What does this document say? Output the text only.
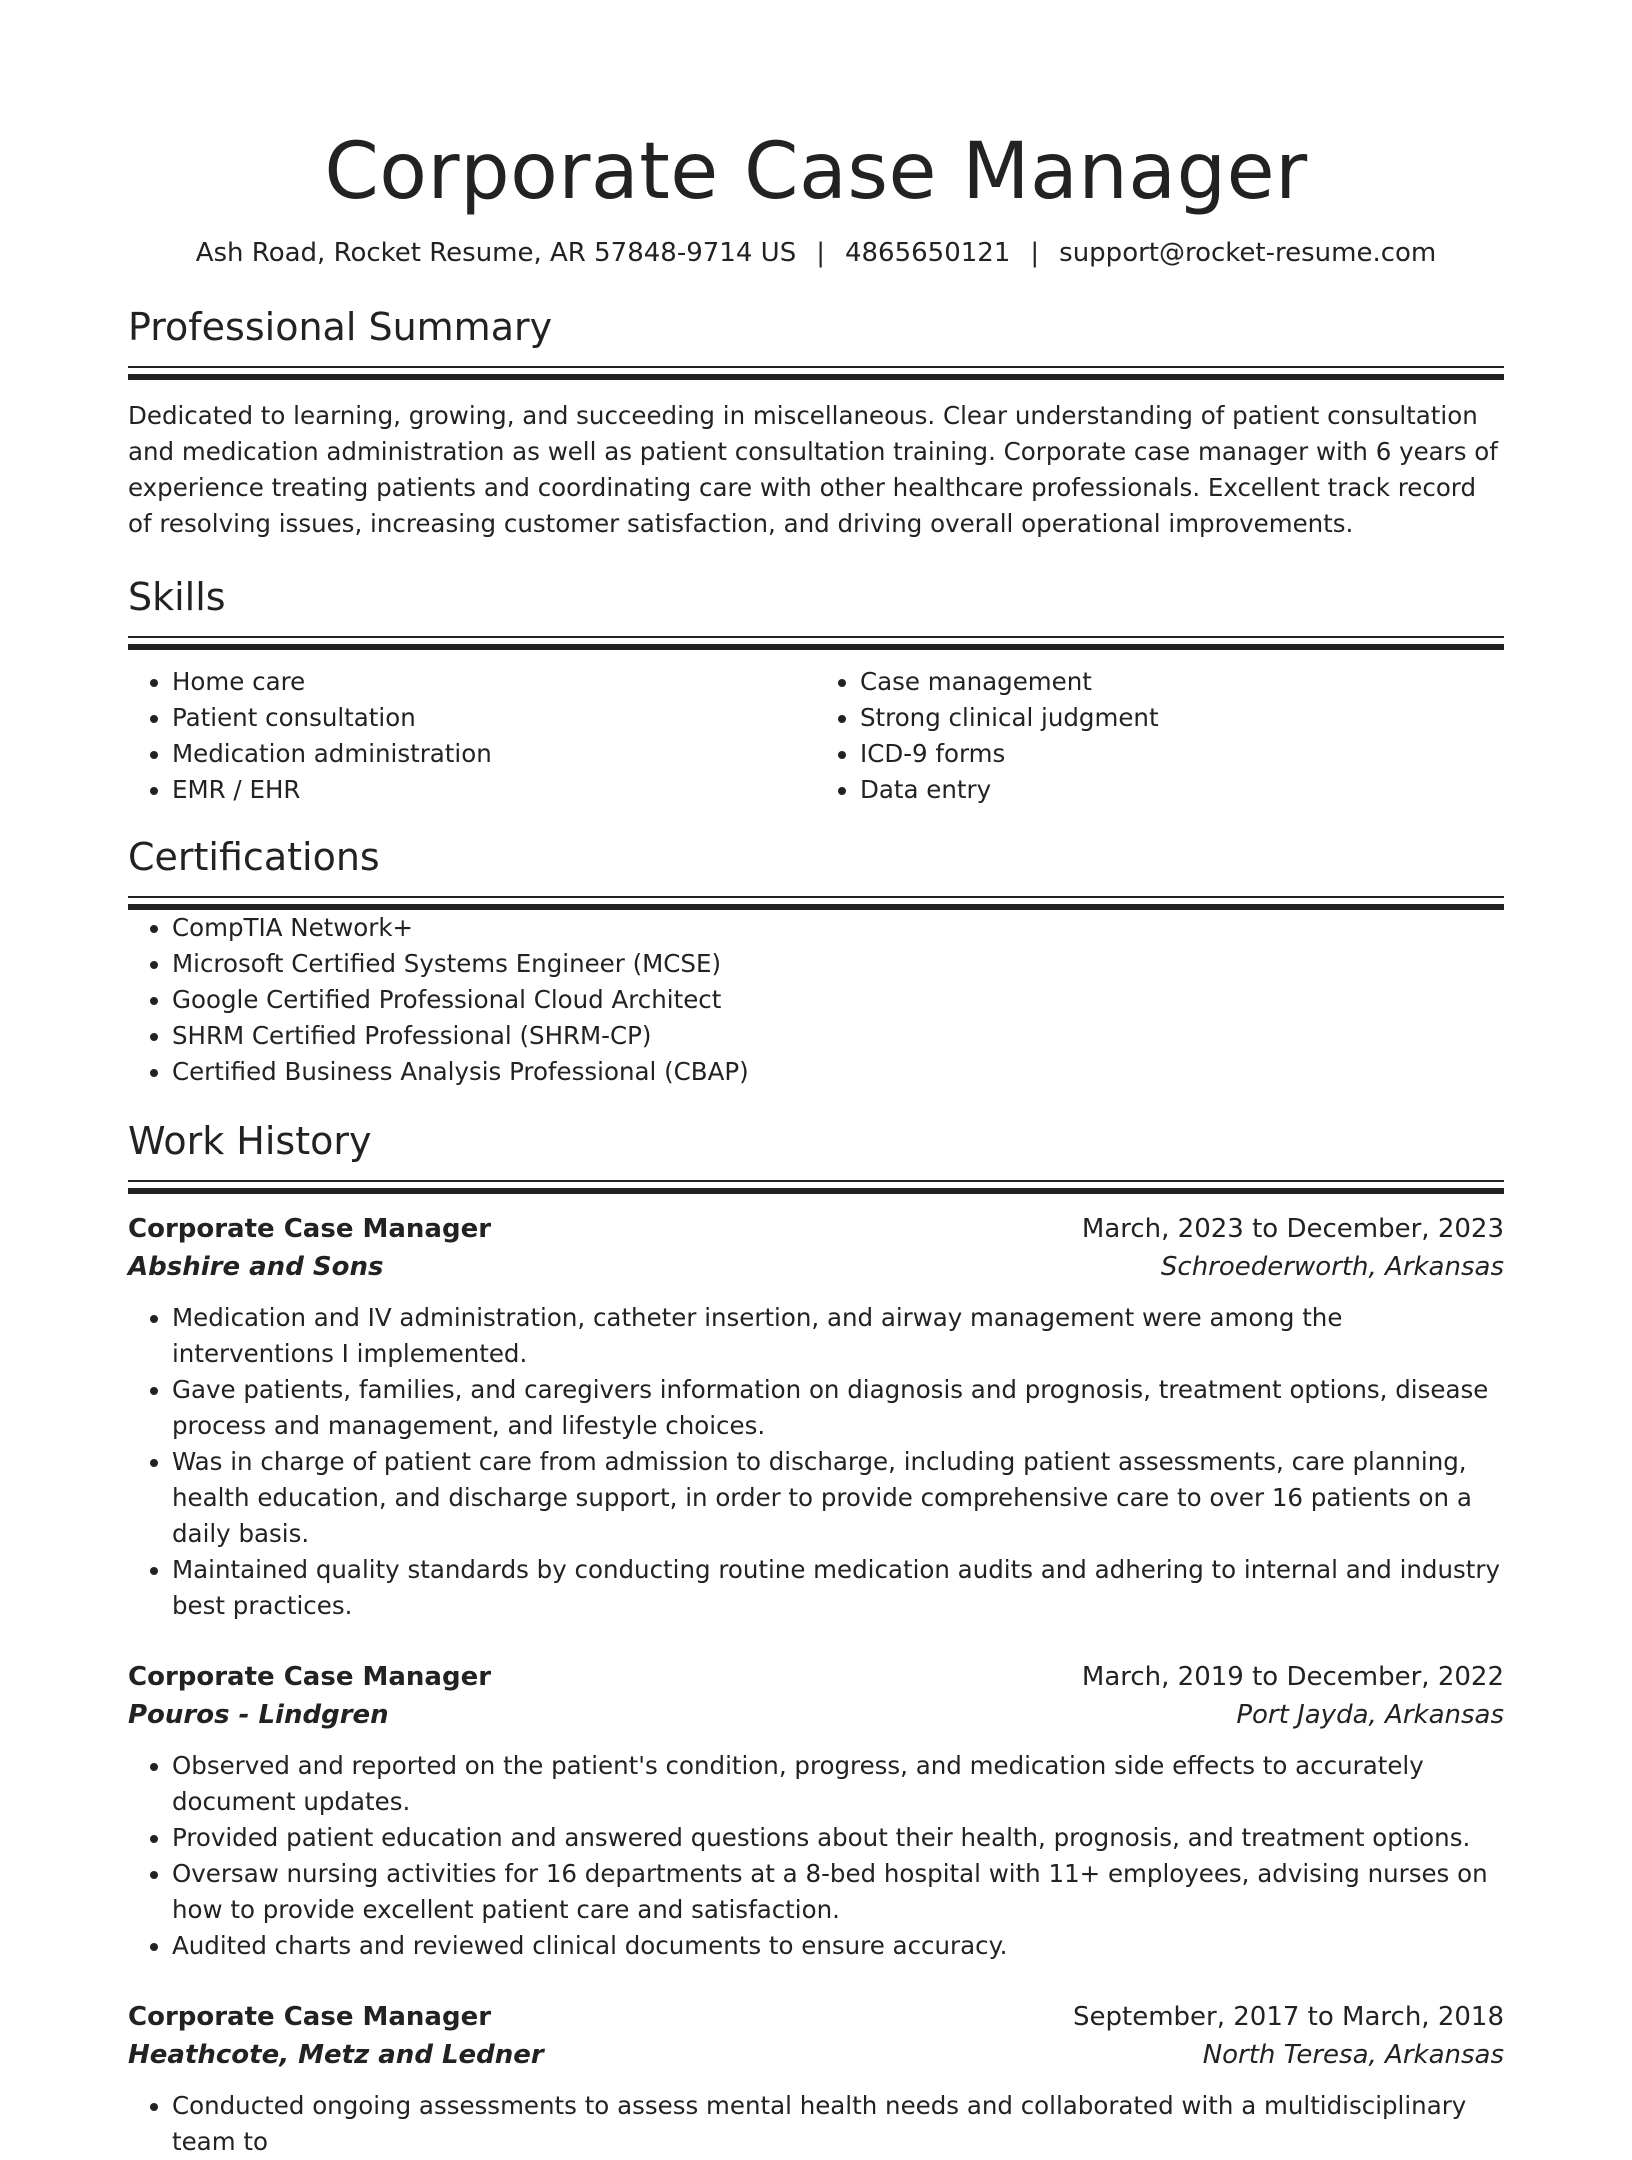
Corporate Case Manager
Ash Road, Rocket Resume, AR 57848-9714 US | 4865650121 | support@rocket-resume.com
Professional Summary

Dedicated to learning, growing, and succeeding in miscellaneous. Clear understanding of patient consultation and medication administration as well as patient consultation training. Corporate case manager with 6 years of experience treating patients and coordinating care with other healthcare professionals. Excellent track record of resolving issues, increasing customer satisfaction, and driving overall operational improvements.

Skills
• Home care
• Patient consultation
• Medication administration
• EMR / EHR
• Case management
• Strong clinical judgment
• ICD-9 forms
• Data entry
Certifications
• CompTIA Network+
• Microsoft Certified Systems Engineer (MCSE)
• Google Certified Professional Cloud Architect
• SHRM Certified Professional (SHRM-CP)
• Certified Business Analysis Professional (CBAP)
Work History
Corporate Case Manager	March, 2023 to December, 2023
Abshire and Sons	Schroederworth, Arkansas
• Medication and IV administration, catheter insertion, and airway management were among the interventions I implemented.
• Gave patients, families, and caregivers information on diagnosis and prognosis, treatment options, disease process and management, and lifestyle choices.
• Was in charge of patient care from admission to discharge, including patient assessments, care planning, health education, and discharge support, in order to provide comprehensive care to over 16 patients on a daily basis.
• Maintained quality standards by conducting routine medication audits and adhering to internal and industry best practices.
Corporate Case Manager	March, 2019 to December, 2022
Pouros - Lindgren	Port Jayda, Arkansas
• Observed and reported on the patient's condition, progress, and medication side effects to accurately document updates.
• Provided patient education and answered questions about their health, prognosis, and treatment options.
• Oversaw nursing activities for 16 departments at a 8-bed hospital with 11+ employees, advising nurses on how to provide excellent patient care and satisfaction.
• Audited charts and reviewed clinical documents to ensure accuracy.
Corporate Case Manager	September, 2017 to March, 2018
Heathcote, Metz and Ledner	North Teresa, Arkansas
• Conducted ongoing assessments to assess mental health needs and collaborated with a multidisciplinary team to
